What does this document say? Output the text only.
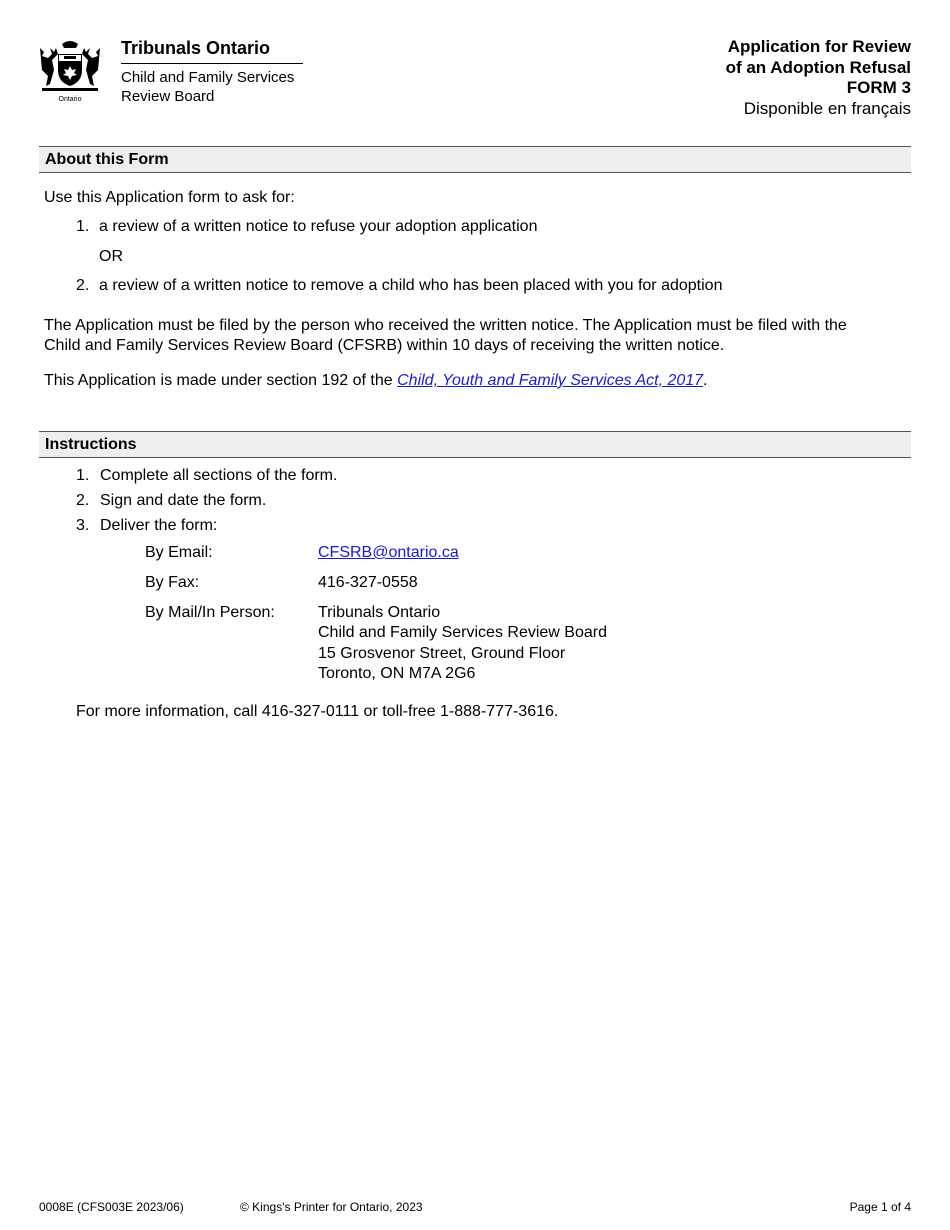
Ontario
Tribunals Ontario
Child and Family Services
Review Board
Application for Review
of an Adoption Refusal
FORM 3
Disponible en français
About this Form
Use this Application form to ask for:
1. a review of a written notice to refuse your adoption application
OR
2. a review of a written notice to remove a child who has been placed with you for adoption
The Application must be filed by the person who received the written notice. The Application must be filed with the
Child and Family Services Review Board (CFSRB) within 10 days of receiving the written notice.
This Application is made under section 192 of the Child, Youth and Family Services Act, 2017.
Instructions
1. Complete all sections of the form.
2. Sign and date the form.
3. Deliver the form:
By Email:	CFSRB@ontario.ca
By Fax:	416-327-0558
By Mail/In Person:	Tribunals Ontario
Child and Family Services Review Board
15 Grosvenor Street, Ground Floor
Toronto, ON M7A 2G6
For more information, call 416-327-0111 or toll-free 1-888-777-3616.
0008E (CFS003E 2023/06)	© Kings's Printer for Ontario, 2023	Page 1 of 4
